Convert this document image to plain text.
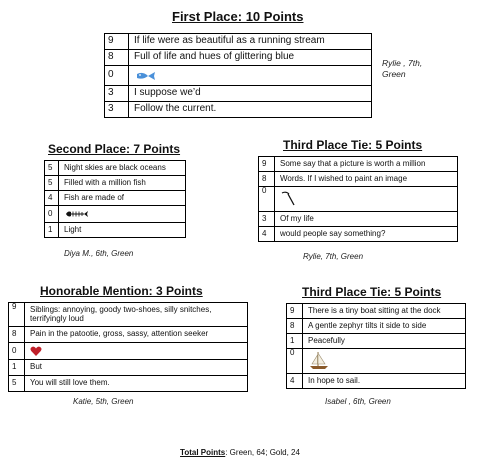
First Place: 10 Points
9	If life were as beautiful as a running stream
8	Full of life and hues of glittering blue
0	

3	I suppose we’d
3	Follow the current.
Rylie , 7th,
Green
Second Place: 7 Points
5	Night skies are black oceans
5	Filled with a million fish
4	Fish are made of
0	

1	Light
Diya M., 6th, Green
Third Place Tie: 5 Points
9	Some say that a picture is worth a million
8	Words. If I wished to paint an image
0	

3	Of my life
4	would people say something?
Rylie, 7th, Green
Honorable Mention: 3 Points
9	Siblings: annoying, goody two-shoes, silly snitches, terrifyingly loud
8	Pain in the patootie, gross, sassy, attention seeker
0	

1	But
5	You will still love them.
Katie, 5th, Green
Third Place Tie: 5 Points
9	There is a tiny boat sitting at the dock
8	A gentle zephyr tilts it side to side
1	Peacefully
0	

4	In hope to sail.
Isabel , 6th, Green
Total Points: Green, 64; Gold, 24
